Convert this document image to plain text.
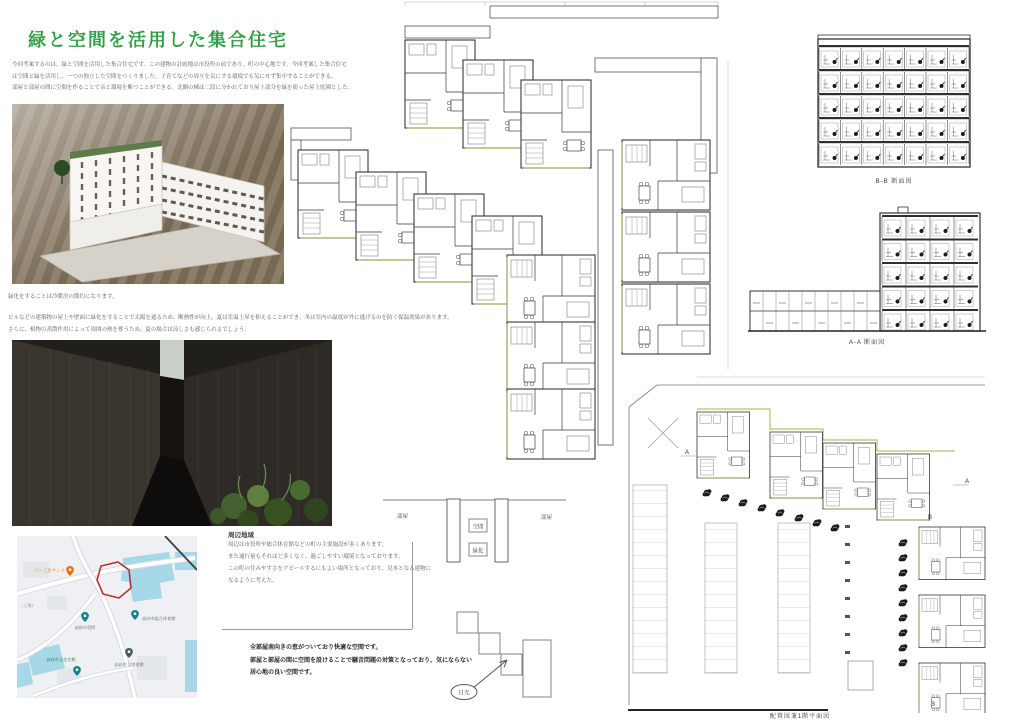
緑と空間を活用した集合住宅
今回考案するのは、緑と空間を活用した集合住宅です。この建物の計画地は市役所の前であり、町の中心地です。今回考案した集合住宅
は空間と緑を活用し、一つの独立した空間をつくりました。子育てなどの周りを気にする環境でも気にせず集中することができる。
部屋と部屋の間に空間を作ることで音と環境を断つことができる。北側の棟は二段に分かれており屋上部分を緑を使った屋上庭園とした。
緑化をすることは冷暖房の節約になります。
ビルなどの建築物の屋上や壁面に緑化をすることで太陽を遮るため、断熱性が向上、夏は室温上昇を抑えることができ、冬は室内の温度が外に逃げるのを防ぐ保温効果があります。
さらに、植物の蒸散作用によって周囲の熱を奪うため、夏の場合は涼しさも感じられるでしょう。
パン工房サンク
高砂市役所
高砂市総合体育館
高砂市立図書館
高砂市文化会館
（工場）
周辺地域
周辺は市役所や総合体育館などの町の主要施設が多くあります。
また通行量もそれほど多くなく、過ごしやすい環境となっております。
この町の住みやすさをアピールするにもよい場所となっており、見本となる建物に
なるように考えた。
空間
緑化
部屋	部屋
日光
全部屋南向きの窓がついており快適な空間です。
部屋と部屋の間に空間を設けることで騒音問題の対策となっており、気にならない
居心地の良い空間です。
B-B 断面図
A-A 断面図
A
A
B
B
配置図兼1階平面図
